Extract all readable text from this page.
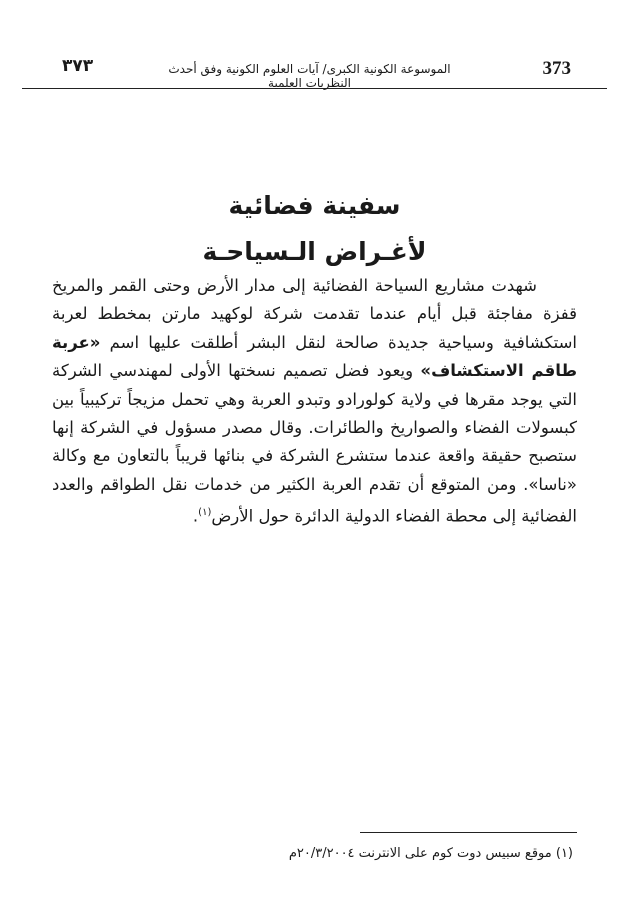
373
الموسوعة الكونية الكبرى/ آيات العلوم الكونية وفق أحدث النظريات العلمية
٣٧٣
سفينة فضائية
لأغـراض الـسياحـة
شهدت مشاريع السياحة الفضائية إلى مدار الأرض وحتى القمر والمريخ قفزة مفاجئة قبل أيام عندما تقدمت شركة لوكهيد مارتن بمخطط لعربة استكشافية وسياحية جديدة صالحة لنقل البشر أطلقت عليها اسم «عربة طاقم الاستكشاف» ويعود فضل تصميم نسختها الأولى لمهندسي الشركة التي يوجد مقرها في ولاية كولورادو وتبدو العربة وهي تحمل مزيجاً تركيبياً بين كبسولات الفضاء والصواريخ والطائرات. وقال مصدر مسؤول في الشركة إنها ستصبح حقيقة واقعة عندما ستشرع الشركة في بنائها قريباً بالتعاون مع وكالة «ناسا». ومن المتوقع أن تقدم العربة الكثير من خدمات نقل الطواقم والعدد الفضائية إلى محطة الفضاء الدولية الدائرة حول الأرض$^{(١)}$.
(١) موقع سبيس دوت كوم على الانترنت ٢٠/٣/٢٠٠٤م
